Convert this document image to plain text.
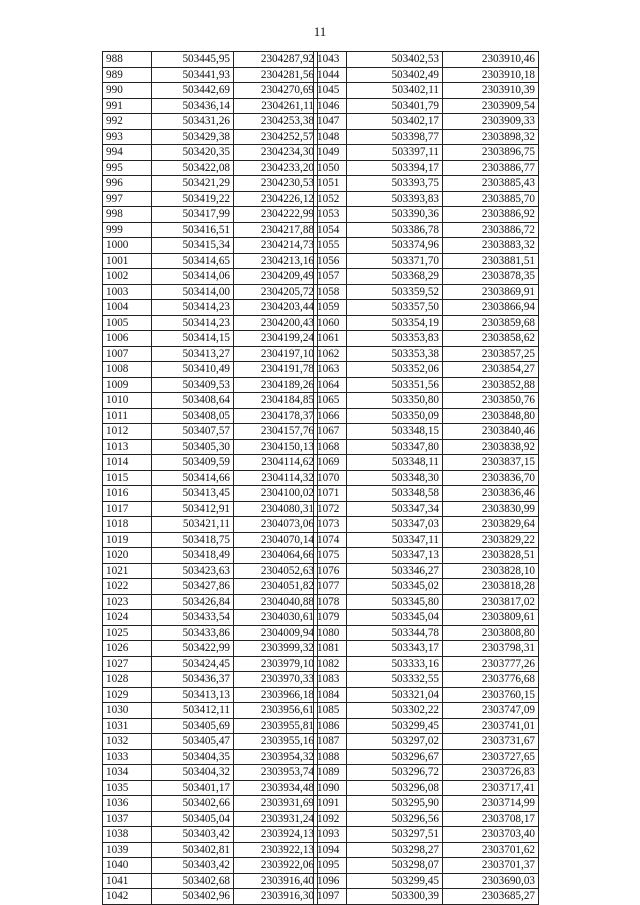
11
988	503445,95	2304287,92
989	503441,93	2304281,56
990	503442,69	2304270,69
991	503436,14	2304261,11
992	503431,26	2304253,38
993	503429,38	2304252,57
994	503420,35	2304234,30
995	503422,08	2304233,20
996	503421,29	2304230,53
997	503419,22	2304226,12
998	503417,99	2304222,99
999	503416,51	2304217,88
1000	503415,34	2304214,73
1001	503414,65	2304213,16
1002	503414,06	2304209,49
1003	503414,00	2304205,72
1004	503414,23	2304203,44
1005	503414,23	2304200,43
1006	503414,15	2304199,24
1007	503413,27	2304197,10
1008	503410,49	2304191,78
1009	503409,53	2304189,26
1010	503408,64	2304184,85
1011	503408,05	2304178,37
1012	503407,57	2304157,76
1013	503405,30	2304150,13
1014	503409,59	2304114,62
1015	503414,66	2304114,32
1016	503413,45	2304100,02
1017	503412,91	2304080,31
1018	503421,11	2304073,06
1019	503418,75	2304070,14
1020	503418,49	2304064,66
1021	503423,63	2304052,63
1022	503427,86	2304051,82
1023	503426,84	2304040,88
1024	503433,54	2304030,61
1025	503433,86	2304009,94
1026	503422,99	2303999,32
1027	503424,45	2303979,10
1028	503436,37	2303970,33
1029	503413,13	2303966,18
1030	503412,11	2303956,61
1031	503405,69	2303955,81
1032	503405,47	2303955,16
1033	503404,35	2303954,32
1034	503404,32	2303953,74
1035	503401,17	2303934,48
1036	503402,66	2303931,69
1037	503405,04	2303931,24
1038	503403,42	2303924,13
1039	503402,81	2303922,13
1040	503403,42	2303922,06
1041	503402,68	2303916,40
1042	503402,96	2303916,30
1043	503402,53	2303910,46
1044	503402,49	2303910,18
1045	503402,11	2303910,39
1046	503401,79	2303909,54
1047	503402,17	2303909,33
1048	503398,77	2303898,32
1049	503397,11	2303896,75
1050	503394,17	2303886,77
1051	503393,75	2303885,43
1052	503393,83	2303885,70
1053	503390,36	2303886,92
1054	503386,78	2303886,72
1055	503374,96	2303883,32
1056	503371,70	2303881,51
1057	503368,29	2303878,35
1058	503359,52	2303869,91
1059	503357,50	2303866,94
1060	503354,19	2303859,68
1061	503353,83	2303858,62
1062	503353,38	2303857,25
1063	503352,06	2303854,27
1064	503351,56	2303852,88
1065	503350,80	2303850,76
1066	503350,09	2303848,80
1067	503348,15	2303840,46
1068	503347,80	2303838,92
1069	503348,11	2303837,15
1070	503348,30	2303836,70
1071	503348,58	2303836,46
1072	503347,34	2303830,99
1073	503347,03	2303829,64
1074	503347,11	2303829,22
1075	503347,13	2303828,51
1076	503346,27	2303828,10
1077	503345,02	2303818,28
1078	503345,80	2303817,02
1079	503345,04	2303809,61
1080	503344,78	2303808,80
1081	503343,17	2303798,31
1082	503333,16	2303777,26
1083	503332,55	2303776,68
1084	503321,04	2303760,15
1085	503302,22	2303747,09
1086	503299,45	2303741,01
1087	503297,02	2303731,67
1088	503296,67	2303727,65
1089	503296,72	2303726,83
1090	503296,08	2303717,41
1091	503295,90	2303714,99
1092	503296,56	2303708,17
1093	503297,51	2303703,40
1094	503298,27	2303701,62
1095	503298,07	2303701,37
1096	503299,45	2303690,03
1097	503300,39	2303685,27
